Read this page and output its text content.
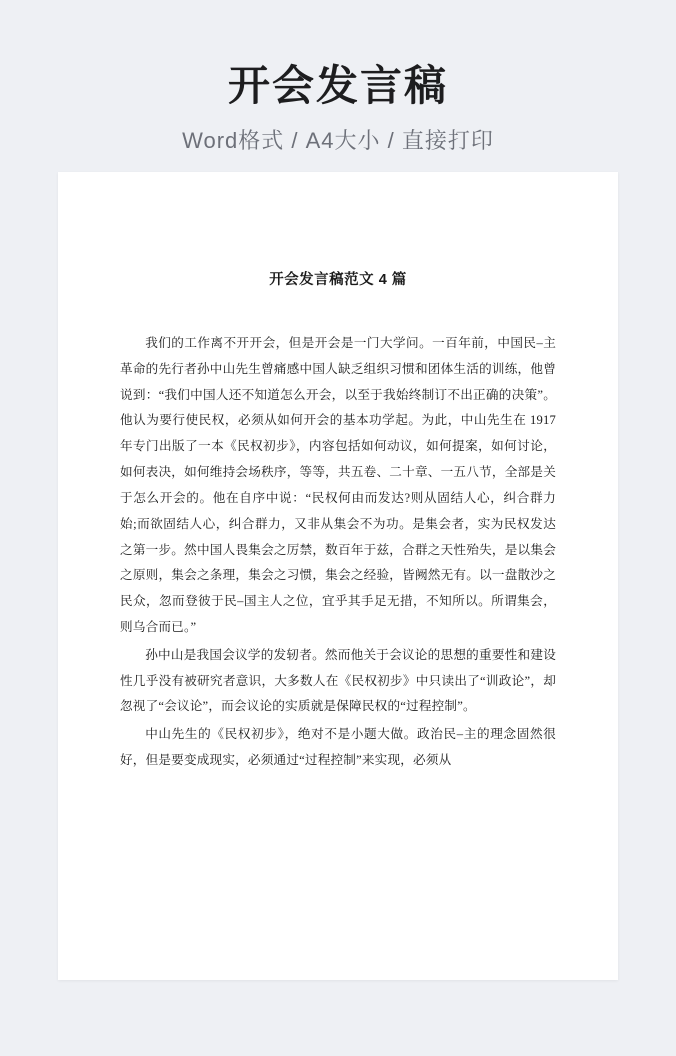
开会发言稿
Word格式 / A4大小 / 直接打印
开会发言稿范文 4 篇

我们的工作离不开开会，但是开会是一门大学问。一百年前，中国民–主革命的先行者孙中山先生曾痛感中国人缺乏组织习惯和团体生活的训练，他曾说到：“我们中国人还不知道怎么开会，以至于我始终制订不出正确的决策”。他认为要行使民权，必须从如何开会的基本功学起。为此，中山先生在 1917 年专门出版了一本《民权初步》，内容包括如何动议，如何提案，如何讨论，如何表决，如何维持会场秩序，等等，共五卷、二十章、一五八节，全部是关于怎么开会的。他在自序中说：“民权何由而发达?则从固结人心，纠合群力始;而欲固结人心，纠合群力，又非从集会不为功。是集会者，实为民权发达之第一步。然中国人畏集会之厉禁，数百年于兹，合群之天性殆失，是以集会之原则，集会之条理，集会之习惯，集会之经验，皆阙然无有。以一盘散沙之民众，忽而登彼于民–国主人之位，宜乎其手足无措，不知所以。所谓集会，则乌合而已。”

孙中山是我国会议学的发轫者。然而他关于会议论的思想的重要性和建设性几乎没有被研究者意识，大多数人在《民权初步》中只读出了“训政论”，却忽视了“会议论”，而会议论的实质就是保障民权的“过程控制”。

中山先生的《民权初步》，绝对不是小题大做。政治民–主的理念固然很好，但是要变成现实，必须通过“过程控制”来实现，必须从
